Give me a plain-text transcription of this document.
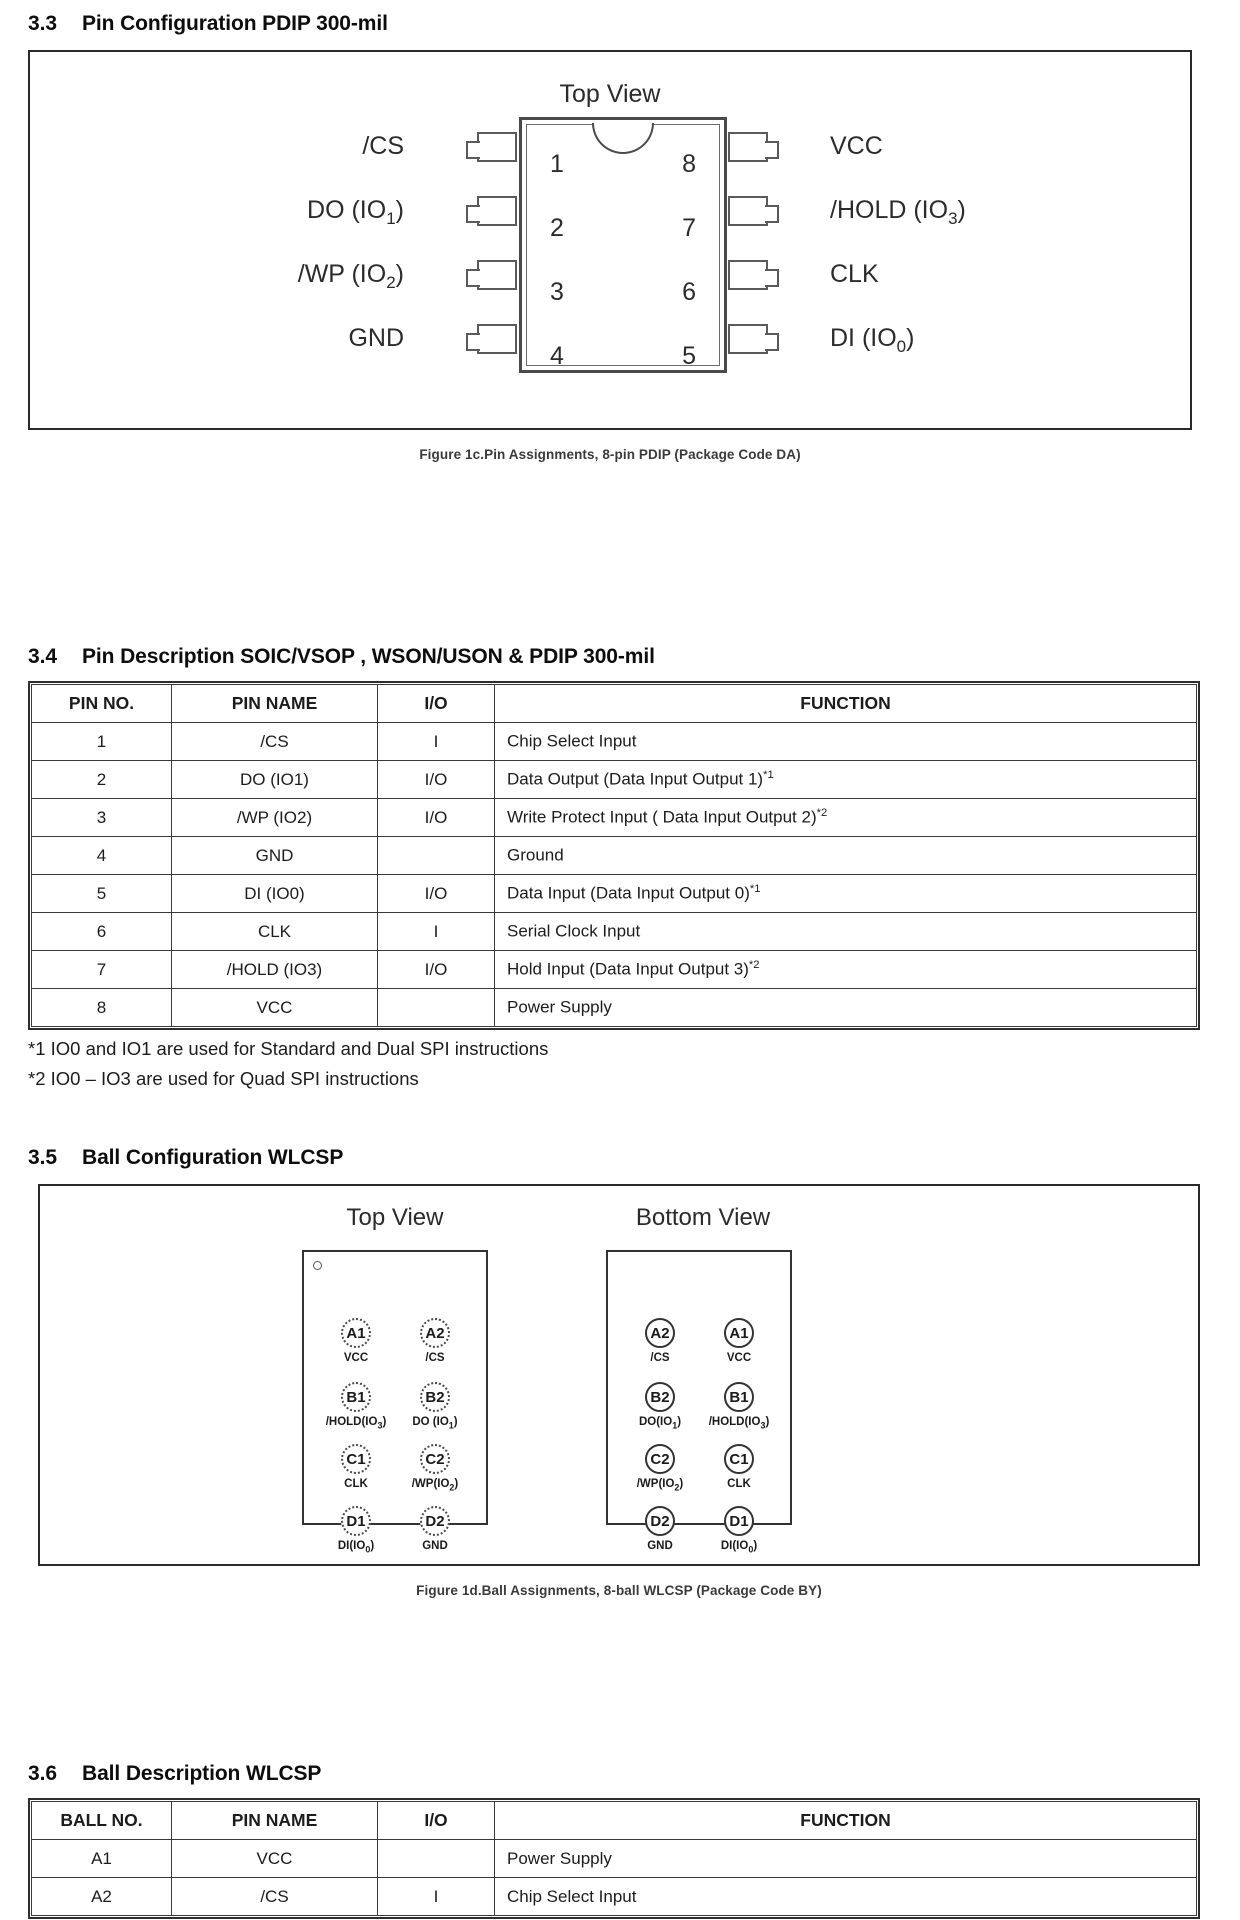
3.3	Pin Configuration PDIP 300-mil
Top View
1
2
3
4
8
7
6
5
/CS
DO $(IO_1)$
/WP $(IO_2)$
GND
VCC
/HOLD $(IO_3)$
CLK
DI $(IO_0)$
Figure 1c.Pin Assignments, 8-pin PDIP (Package Code DA)
3.4	Pin Description SOIC/VSOP , WSON/USON & PDIP 300-mil
PIN NO.	PIN NAME	I/O	FUNCTION
1	/CS	I	Chip Select Input
2	DO (IO1)	I/O	Data Output (Data Input Output 1)$^{*1}$
3	/WP (IO2)	I/O	Write Protect Input ( Data Input Output 2)$^{*2}$
4	GND		Ground
5	DI (IO0)	I/O	Data Input (Data Input Output 0)$^{*1}$
6	CLK	I	Serial Clock Input
7	/HOLD (IO3)	I/O	Hold Input (Data Input Output 3)$^{*2}$
8	VCC		Power Supply
*1 IO0 and IO1 are used for Standard and Dual SPI instructions
*2 IO0 – IO3 are used for Quad SPI instructions
3.5	Ball Configuration WLCSP
Top View	Bottom View
A1	A2
VCC	/CS
B1	B2
$/HOLD(IO_3)$ DO $(IO_1)$
C1	C2
CLK	$/WP(IO_2)$
D1	D2
$DI(IO_0)$	GND
A2	A1
/CS	VCC
B2	B1
$DO(IO_1)$ $/HOLD(IO_3)$
C2	C1
$/WP(IO_2)$	CLK
D2	D1
GND	$DI(IO_0)$
Figure 1d.Ball Assignments, 8-ball WLCSP (Package Code BY)
3.6	Ball Description WLCSP
BALL NO.	PIN NAME	I/O	FUNCTION
A1	VCC		Power Supply
A2	/CS	I	Chip Select Input
